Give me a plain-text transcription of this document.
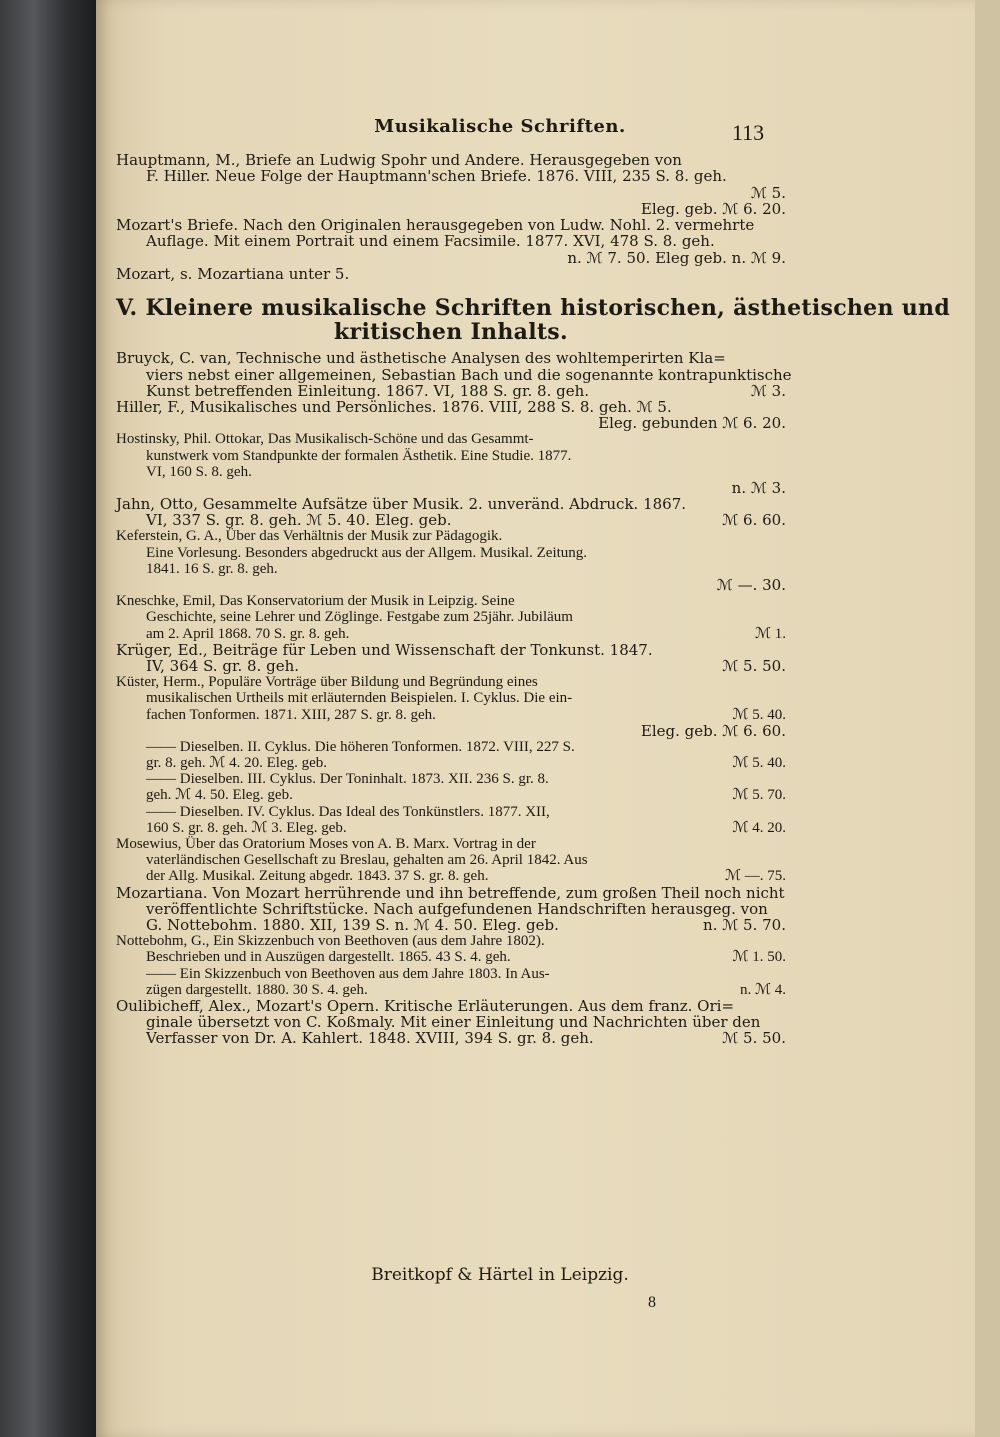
Musikalische Schriften.	113
Hauptmann, M., Briefe an Ludwig Spohr und Andere. Herausgegeben von
F. Hiller. Neue Folge der Hauptmann'schen Briefe. 1876. VIII, 235 S. 8. geh.
ℳ 5.
Eleg. geb. ℳ 6. 20.
Mozart's Briefe. Nach den Originalen herausgegeben von Ludw. Nohl. 2. vermehrte
Auflage. Mit einem Portrait und einem Facsimile. 1877. XVI, 478 S. 8. geh.
n. ℳ 7. 50. Eleg geb. n. ℳ 9.
Mozart, s. Mozartiana unter 5.
V. Kleinere musikalische Schriften historischen, ästhetischen und
kritischen Inhalts.
Bruyck, C. van, Technische und ästhetische Analysen des wohltemperirten Kla=
viers nebst einer allgemeinen, Sebastian Bach und die sogenannte kontrapunktische
Kunst betreffenden Einleitung. 1867. VI, 188 S. gr. 8. geh.	ℳ 3.
Hiller, F., Musikalisches und Persönliches. 1876. VIII, 288 S. 8. geh. ℳ 5.
Eleg. gebunden ℳ 6. 20.
Hostinsky, Phil. Ottokar, Das Musikalisch-Schöne und das Gesammt-
kunstwerk vom Standpunkte der formalen Ästhetik. Eine Studie. 1877.
VI, 160 S. 8. geh.
n. ℳ 3.
Jahn, Otto, Gesammelte Aufsätze über Musik. 2. unveränd. Abdruck. 1867.
VI, 337 S. gr. 8. geh. ℳ 5. 40. Eleg. geb.	ℳ 6. 60.
Keferstein, G. A., Über das Verhältnis der Musik zur Pädagogik.
Eine Vorlesung. Besonders abgedruckt aus der Allgem. Musikal. Zeitung.
1841. 16 S. gr. 8. geh.
ℳ —. 30.
Kneschke, Emil, Das Konservatorium der Musik in Leipzig. Seine
Geschichte, seine Lehrer und Zöglinge. Festgabe zum 25jähr. Jubiläum
am 2. April 1868. 70 S. gr. 8. geh.	ℳ 1.
Krüger, Ed., Beiträge für Leben und Wissenschaft der Tonkunst. 1847.
IV, 364 S. gr. 8. geh.	ℳ 5. 50.
Küster, Herm., Populäre Vorträge über Bildung und Begründung eines
musikalischen Urtheils mit erläuternden Beispielen. I. Cyklus. Die ein-
fachen Tonformen. 1871. XIII, 287 S. gr. 8. geh.	ℳ 5. 40.
Eleg. geb. ℳ 6. 60.
—— Dieselben. II. Cyklus. Die höheren Tonformen. 1872. VIII, 227 S.
gr. 8. geh. ℳ 4. 20. Eleg. geb.	ℳ 5. 40.
—— Dieselben. III. Cyklus. Der Toninhalt. 1873. XII. 236 S. gr. 8.
geh. ℳ 4. 50. Eleg. geb.	ℳ 5. 70.
—— Dieselben. IV. Cyklus. Das Ideal des Tonkünstlers. 1877. XII,
160 S. gr. 8. geh. ℳ 3. Eleg. geb.	ℳ 4. 20.
Mosewius, Über das Oratorium Moses von A. B. Marx. Vortrag in der
vaterländischen Gesellschaft zu Breslau, gehalten am 26. April 1842. Aus
der Allg. Musikal. Zeitung abgedr. 1843. 37 S. gr. 8. geh.	ℳ —. 75.
Mozartiana. Von Mozart herrührende und ihn betreffende, zum großen Theil noch nicht
veröffentlichte Schriftstücke. Nach aufgefundenen Handschriften herausgeg. von
G. Nottebohm. 1880. XII, 139 S. n. ℳ 4. 50. Eleg. geb.	n. ℳ 5. 70.
Nottebohm, G., Ein Skizzenbuch von Beethoven (aus dem Jahre 1802).
Beschrieben und in Auszügen dargestellt. 1865. 43 S. 4. geh.	ℳ 1. 50.
—— Ein Skizzenbuch von Beethoven aus dem Jahre 1803. In Aus-
zügen dargestellt. 1880. 30 S. 4. geh.	n. ℳ 4.
Oulibicheff, Alex., Mozart's Opern. Kritische Erläuterungen. Aus dem franz. Ori=
ginale übersetzt von C. Koßmaly. Mit einer Einleitung und Nachrichten über den
Verfasser von Dr. A. Kahlert. 1848. XVIII, 394 S. gr. 8. geh.	ℳ 5. 50.
Breitkopf & Härtel in Leipzig.
8
